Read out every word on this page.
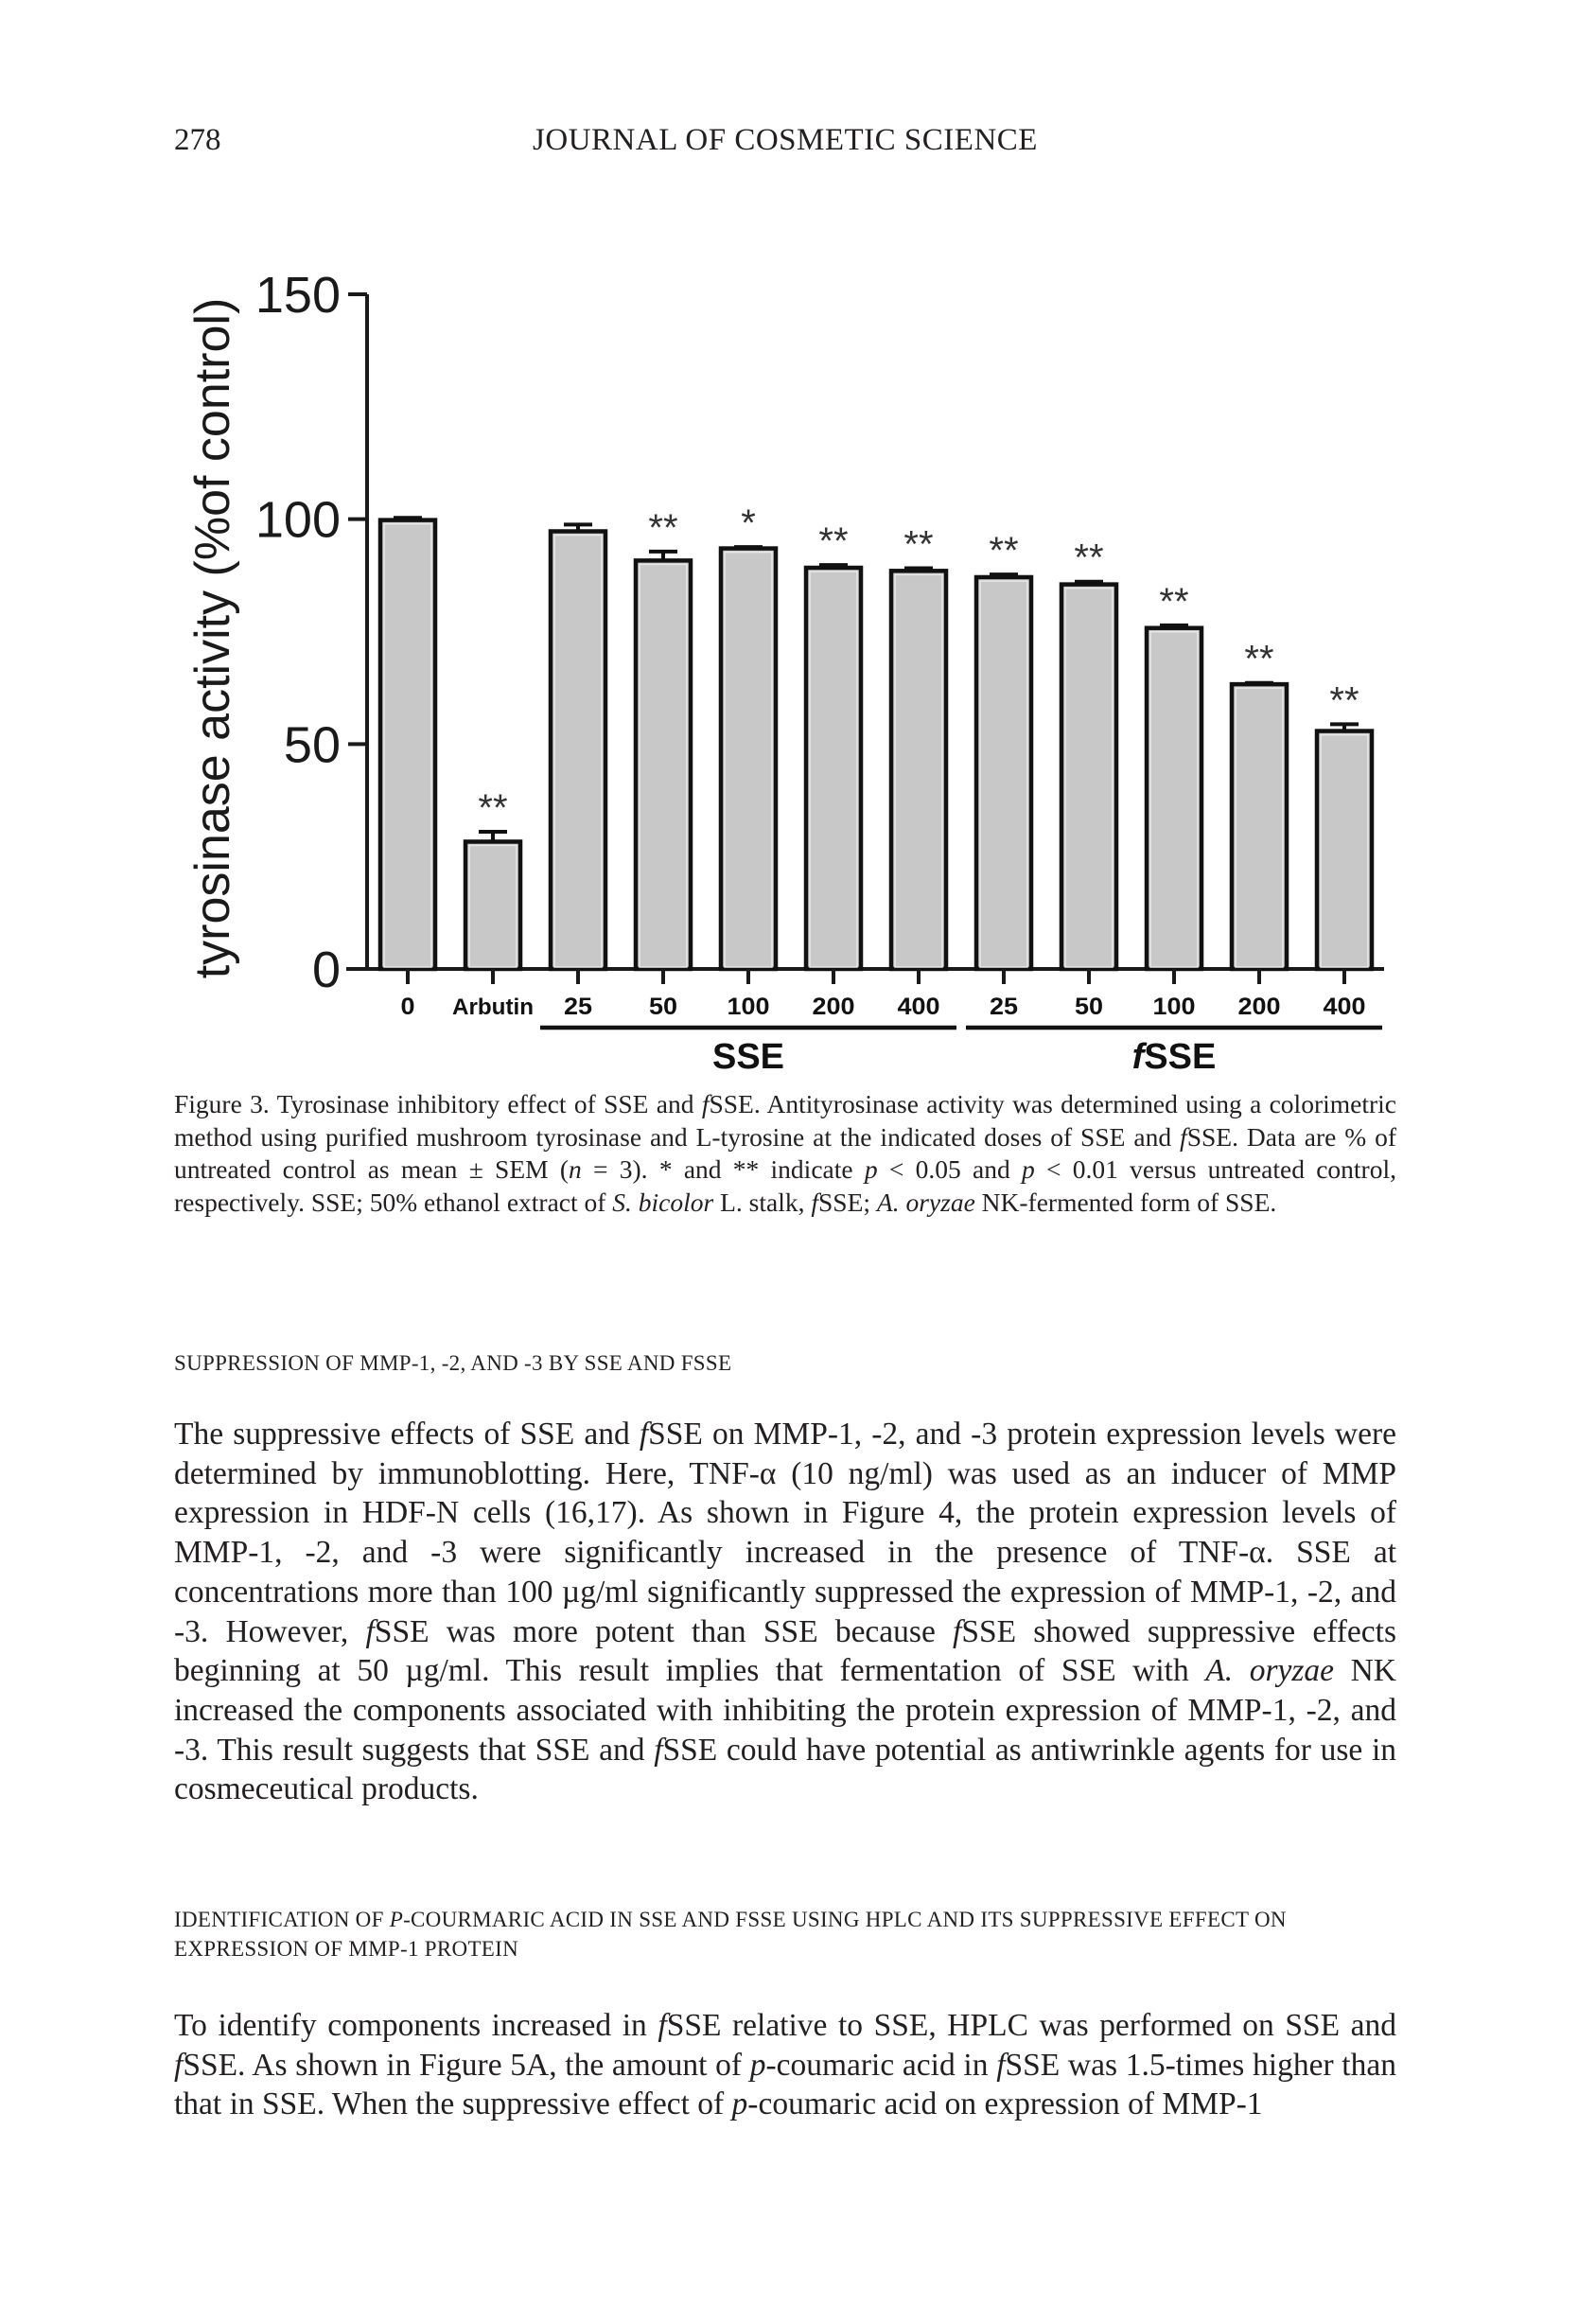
278	JOURNAL OF COSMETIC SCIENCE
tyrosinase activity (%of control) 0
50
100
150
0
**
Arbutin 25
**
50
*
100
**
200
**
400
**
25
**
50
**
100
**
200
**
400
SSE	fSSE
Figure 3. Tyrosinase inhibitory effect of SSE and fSSE. Antityrosinase activity was determined using a colorimetric method using purified mushroom tyrosinase and L-tyrosine at the indicated doses of SSE and fSSE. Data are % of untreated control as mean ± SEM (n = 3). * and ** indicate p < 0.05 and p < 0.01 versus untreated control, respectively. SSE; 50% ethanol extract of S. bicolor L. stalk, fSSE; A. oryzae NK-fermented form of SSE.
SUPPRESSION OF MMP-1, -2, AND -3 BY SSE AND FSSE
The suppressive effects of SSE and fSSE on MMP-1, -2, and -3 protein expression levels were determined by immunoblotting. Here, TNF-α (10 ng/ml) was used as an inducer of MMP expression in HDF-N cells (16,17). As shown in Figure 4, the protein expression levels of MMP-1, -2, and -3 were significantly increased in the presence of TNF-α. SSE at concentrations more than 100 µg/ml significantly suppressed the expression of MMP-1, -2, and -3. However, fSSE was more potent than SSE because fSSE showed suppressive effects beginning at 50 µg/ml. This result implies that fermentation of SSE with A. oryzae NK increased the components associated with inhibiting the protein expression of MMP-1, -2, and -3. This result suggests that SSE and fSSE could have potential as antiwrinkle agents for use in cosmeceutical products.
IDENTIFICATION OF P-COURMARIC ACID IN SSE AND FSSE USING HPLC AND ITS SUPPRESSIVE EFFECT ON EXPRESSION OF MMP-1 PROTEIN
To identify components increased in fSSE relative to SSE, HPLC was performed on SSE and fSSE. As shown in Figure 5A, the amount of p-coumaric acid in fSSE was 1.5-times higher than that in SSE. When the suppressive effect of p-coumaric acid on expression of MMP-1
